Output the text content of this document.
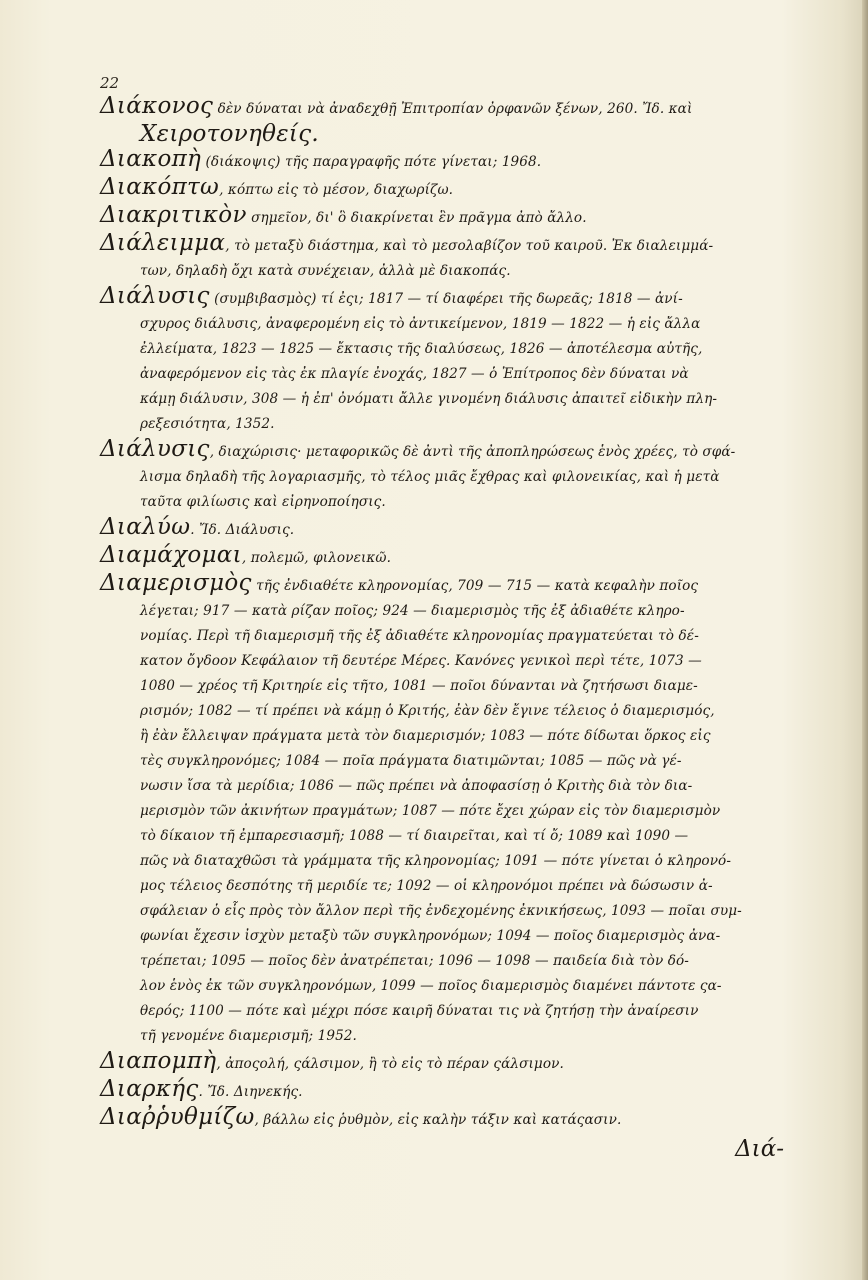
22

Διάκονος δὲν δύναται νὰ ἀναδεχθῇ Ἐπιτροπίαν ὀρφανῶν ξένων, 260. Ἴδ. καὶ

Χειροτονηθείς.

Διακοπὴ (διάκοψις) τῆς παραγραφῆς πότε γίνεται; 1968.

Διακόπτω, κόπτω εἰς τὸ μέσον, διαχωρίζω.

Διακριτικὸν σημεῖον, δι' ὃ διακρίνεται ἓν πρᾶγμα ἀπὸ ἄλλο.

Διάλειμμα, τὸ μεταξὺ διάστημα, καὶ τὸ μεσολαβίζον τοῦ καιροῦ. Ἐκ διαλειμμά-

των, δηλαδὴ ὄχι κατὰ συνέχειαν, ἀλλὰ μὲ διακοπάς.

Διάλυσις (συμβιβασμὸς) τί ἐςι; 1817 — τί διαφέρει τῆς δωρεᾶς; 1818 — ἀνί-

σχυρος διάλυσις, ἀναφερομένη εἰς τὸ ἀντικείμενον, 1819 — 1822 — ἡ εἰς ἄλλα

ἐλλείματα, 1823 — 1825 — ἔκτασις τῆς διαλύσεως, 1826 — ἀποτέλεσμα αὐτῆς,

ἀναφερόμενον εἰς τὰς ἐκ πλαγίε ἐνοχάς, 1827 — ὁ Ἐπίτροπος δὲν δύναται νὰ

κάμῃ διάλυσιν, 308 — ἡ ἐπ' ὀνόματι ἄλλε γινομένη διάλυσις ἀπαιτεῖ εἰδικὴν πλη-

ρεξεσιότητα, 1352.

Διάλυσις, διαχώρισις· μεταφορικῶς δὲ ἀντὶ τῆς ἀποπληρώσεως ἑνὸς χρέες, τὸ σφά-

λισμα δηλαδὴ τῆς λογαριασμῆς, τὸ τέλος μιᾶς ἔχθρας καὶ φιλονεικίας, καὶ ἡ μετὰ

ταῦτα φιλίωσις καὶ εἰρηνοποίησις.

Διαλύω. Ἴδ. Διάλυσις.

Διαμάχομαι, πολεμῶ, φιλονεικῶ.

Διαμερισμὸς τῆς ἐνδιαθέτε κληρονομίας, 709 — 715 — κατὰ κεφαλὴν ποῖος

λέγεται; 917 — κατὰ ρίζαν ποῖος; 924 — διαμερισμὸς τῆς ἐξ ἀδιαθέτε κληρο-

νομίας. Περὶ τῆ διαμερισμῆ τῆς ἐξ ἀδιαθέτε κληρονομίας πραγματεύεται τὸ δέ-

κατον ὄγδοον Κεφάλαιον τῆ δευτέρε Μέρες. Κανόνες γενικοὶ περὶ τέτε, 1073 —

1080 — χρέος τῆ Κριτηρίε εἰς τῆτο, 1081 — ποῖοι δύνανται νὰ ζητήσωσι διαμε-

ρισμόν; 1082 — τί πρέπει νὰ κάμῃ ὁ Κριτής, ἐὰν δὲν ἔγινε τέλειος ὁ διαμερισμός,

ἢ ἐὰν ἔλλειψαν πράγματα μετὰ τὸν διαμερισμόν; 1083 — πότε δίδωται ὅρκος εἰς

τὲς συγκληρονόμες; 1084 — ποῖα πράγματα διατιμῶνται; 1085 — πῶς νὰ γέ-

νωσιν ἴσα τὰ μερίδια; 1086 — πῶς πρέπει νὰ ἀποφασίσῃ ὁ Κριτὴς διὰ τὸν δια-

μερισμὸν τῶν ἀκινήτων πραγμάτων; 1087 — πότε ἔχει χώραν εἰς τὸν διαμερισμὸν

τὸ δίκαιον τῆ ἐμπαρεσιασμῆ; 1088 — τί διαιρεῖται, καὶ τί ὄ; 1089 καὶ 1090 —

πῶς νὰ διαταχθῶσι τὰ γράμματα τῆς κληρονομίας; 1091 — πότε γίνεται ὁ κληρονό-

μος τέλειος δεσπότης τῆ μεριδίε τε; 1092 — οἱ κληρονόμοι πρέπει νὰ δώσωσιν ἀ-

σφάλειαν ὁ εἷς πρὸς τὸν ἄλλον περὶ τῆς ἐνδεχομένης ἐκνικήσεως, 1093 — ποῖαι συμ-

φωνίαι ἔχεσιν ἰσχὺν μεταξὺ τῶν συγκληρονόμων; 1094 — ποῖος διαμερισμὸς ἀνα-

τρέπεται; 1095 — ποῖος δὲν ἀνατρέπεται; 1096 — 1098 — παιδεία διὰ τὸν δό-

λον ἑνὸς ἐκ τῶν συγκληρονόμων, 1099 — ποῖος διαμερισμὸς διαμένει πάντοτε ςα-

θερός; 1100 — πότε καὶ μέχρι πόσε καιρῆ δύναται τις νὰ ζητήσῃ τὴν ἀναίρεσιν

τῆ γενομένε διαμερισμῆ; 1952.

Διαπομπὴ, ἀποςολή, ςάλσιμον, ἢ τὸ εἰς τὸ πέραν ςάλσιμον.

Διαρκής. Ἴδ. Διηνεκής.

Διαῤῥυθμίζω, βάλλω εἰς ῥυθμὸν, εἰς καλὴν τάξιν καὶ κατάςασιν.

Διά-
